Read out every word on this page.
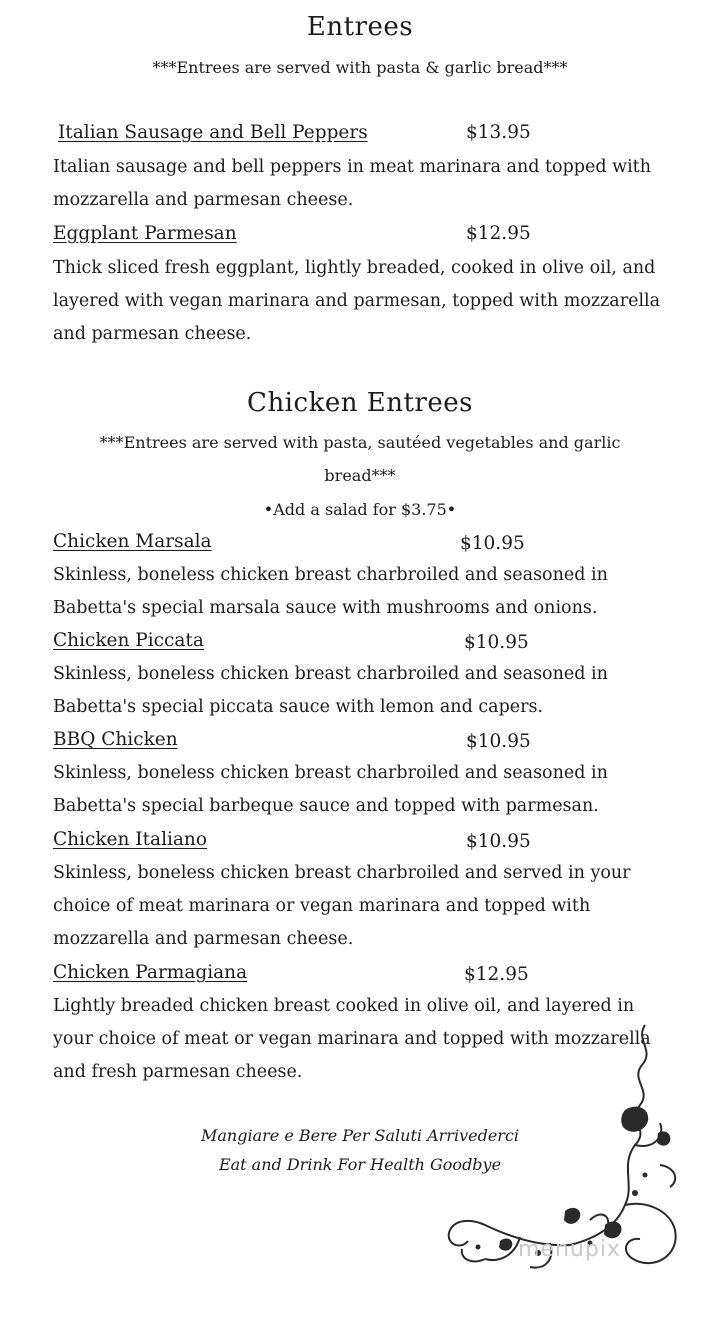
Entrees
***Entrees are served with pasta & garlic bread***
Italian Sausage and Bell Peppers	$13.95
Italian sausage and bell peppers in meat marinara and topped with
mozzarella and parmesan cheese.
Eggplant Parmesan	$12.95
Thick sliced fresh eggplant, lightly breaded, cooked in olive oil, and
layered with vegan marinara and parmesan, topped with mozzarella
and parmesan cheese.
Chicken Entrees
***Entrees are served with pasta, sautéed vegetables and garlic
bread***
•Add a salad for $3.75•
Chicken Marsala	$10.95
Skinless, boneless chicken breast charbroiled and seasoned in
Babetta's special marsala sauce with mushrooms and onions.
Chicken Piccata	$10.95
Skinless, boneless chicken breast charbroiled and seasoned in
Babetta's special piccata sauce with lemon and capers.
BBQ Chicken	$10.95
Skinless, boneless chicken breast charbroiled and seasoned in
Babetta's special barbeque sauce and topped with parmesan.
Chicken Italiano	$10.95
Skinless, boneless chicken breast charbroiled and served in your
choice of meat marinara or vegan marinara and topped with
mozzarella and parmesan cheese.
Chicken Parmagiana	$12.95
Lightly breaded chicken breast cooked in olive oil, and layered in
your choice of meat or vegan marinara and topped with mozzarella
and fresh parmesan cheese.
Mangiare e Bere Per Saluti Arrivederci
Eat and Drink For Health Goodbye
menupix
